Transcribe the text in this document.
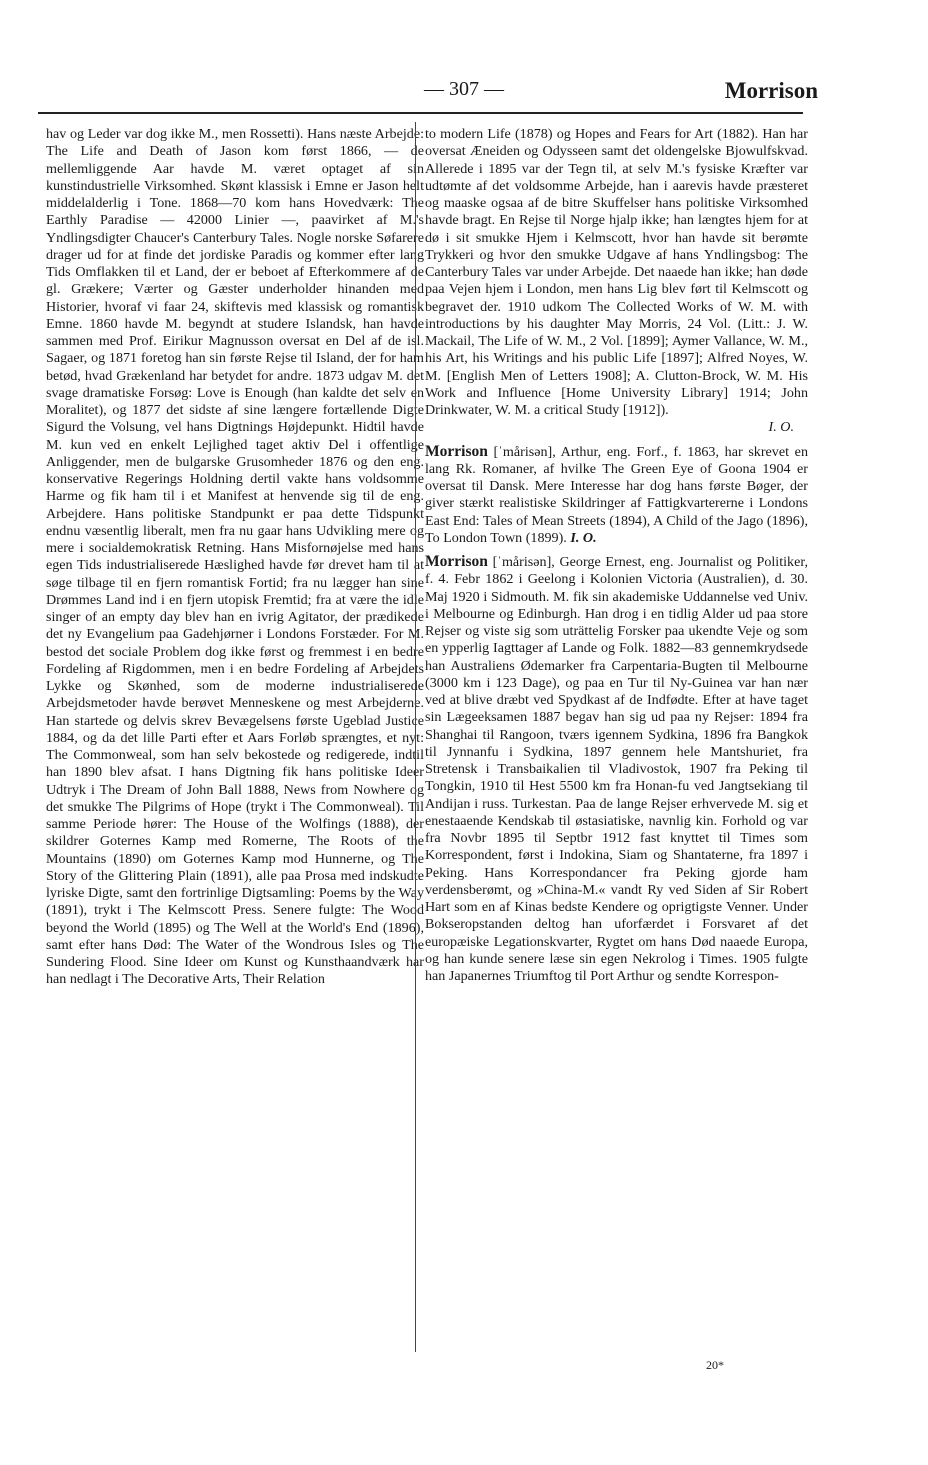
— 307 —	Morrison

hav og Leder var dog ikke M., men Rossetti). Hans næste Arbejde: The Life and Death of Jason kom først 1866, — de mellemliggende Aar havde M. været optaget af sin kunstindustrielle Virksomhed. Skønt klassisk i Emne er Jason helt middelalderlig i Tone. 1868—70 kom hans Hovedværk: The Earthly Paradise — 42000 Linier —, paavirket af M.'s Yndlingsdigter Chaucer's Canterbury Tales. Nogle norske Søfarere drager ud for at finde det jordiske Paradis og kommer efter lang Tids Omflakken til et Land, der er beboet af Efterkommere af de gl. Grækere; Værter og Gæster underholder hinanden med Historier, hvoraf vi faar 24, skiftevis med klassisk og romantisk Emne. 1860 havde M. begyndt at studere Islandsk, han havde sammen med Prof. Eirikur Magnusson oversat en Del af de isl. Sagaer, og 1871 foretog han sin første Rejse til Island, der for ham betød, hvad Grækenland har betydet for andre. 1873 udgav M. det svage dramatiske Forsøg: Love is Enough (han kaldte det selv en Moralitet), og 1877 det sidste af sine længere fortællende Digte Sigurd the Volsung, vel hans Digtnings Højdepunkt. Hidtil havde M. kun ved en enkelt Lejlighed taget aktiv Del i offentlige Anliggender, men de bulgarske Grusomheder 1876 og den eng. konservative Regerings Holdning dertil vakte hans voldsomme Harme og fik ham til i et Manifest at henvende sig til de eng. Arbejdere. Hans politiske Standpunkt er paa dette Tidspunkt endnu væsentlig liberalt, men fra nu gaar hans Udvikling mere og mere i socialdemokratisk Retning. Hans Misfornøjelse med hans egen Tids industrialiserede Hæslighed havde før drevet ham til at søge tilbage til en fjern romantisk Fortid; fra nu lægger han sine Drømmes Land ind i en fjern utopisk Fremtid; fra at være the idle singer of an empty day blev han en ivrig Agitator, der prædikede det ny Evangelium paa Gadehjørner i Londons Forstæder. For M. bestod det sociale Problem dog ikke først og fremmest i en bedre Fordeling af Rigdommen, men i en bedre Fordeling af Arbejdets Lykke og Skønhed, som de moderne industrialiserede Arbejdsmetoder havde berøvet Menneskene og mest Arbejderne. Han startede og delvis skrev Bevægelsens første Ugeblad Justice 1884, og da det lille Parti efter et Aars Forløb sprængtes, et nyt: The Commonweal, som han selv bekostede og redigerede, indtil han 1890 blev afsat. I hans Digtning fik hans politiske Ideer Udtryk i The Dream of John Ball 1888, News from Nowhere og det smukke The Pilgrims of Hope (trykt i The Commonweal). Til samme Periode hører: The House of the Wolfings (1888), der skildrer Goternes Kamp med Romerne, The Roots of the Mountains (1890) om Goternes Kamp mod Hunnerne, og The Story of the Glittering Plain (1891), alle paa Prosa med indskudte lyriske Digte, samt den fortrinlige Digtsamling: Poems by the Way (1891), trykt i The Kelmscott Press. Senere fulgte: The Wood beyond the World (1895) og The Well at the World's End (1896), samt efter hans Død: The Water of the Wondrous Isles og The Sundering Flood. Sine Ideer om Kunst og Kunsthaandværk har han nedlagt i The Decorative Arts, Their Relation

to modern Life (1878) og Hopes and Fears for Art (1882). Han har oversat Æneiden og Odysseen samt det oldengelske Bjowulfskvad. Allerede i 1895 var der Tegn til, at selv M.'s fysiske Kræfter var udtømte af det voldsomme Arbejde, han i aarevis havde præsteret og maaske ogsaa af de bitre Skuffelser hans politiske Virksomhed havde bragt. En Rejse til Norge hjalp ikke; han længtes hjem for at dø i sit smukke Hjem i Kelmscott, hvor han havde sit berømte Trykkeri og hvor den smukke Udgave af hans Yndlingsbog: The Canterbury Tales var under Arbejde. Det naaede han ikke; han døde paa Vejen hjem i London, men hans Lig blev ført til Kelmscott og begravet der. 1910 udkom The Collected Works of W. M. with introductions by his daughter May Morris, 24 Vol. (Litt.: J. W. Mackail, The Life of W. M., 2 Vol. [1899]; Aymer Vallance, W. M., his Art, his Writings and his public Life [1897]; Alfred Noyes, W. M. [English Men of Letters 1908]; A. Clutton-Brock, W. M. His Work and Influence [Home University Library] 1914; John Drinkwater, W. M. a critical Study [1912]).

I. O.

Morrison [ˈmårisən], Arthur, eng. Forf., f. 1863, har skrevet en lang Rk. Romaner, af hvilke The Green Eye of Goona 1904 er oversat til Dansk. Mere Interesse har dog hans første Bøger, der giver stærkt realistiske Skildringer af Fattigkvartererne i Londons East End: Tales of Mean Streets (1894), A Child of the Jago (1896), To London Town (1899). I. O.

Morrison [ˈmårisən], George Ernest, eng. Journalist og Politiker, f. 4. Febr 1862 i Geelong i Kolonien Victoria (Australien), d. 30. Maj 1920 i Sidmouth. M. fik sin akademiske Uddannelse ved Univ. i Melbourne og Edinburgh. Han drog i en tidlig Alder ud paa store Rejser og viste sig som uträttelig Forsker paa ukendte Veje og som en ypperlig Iagttager af Lande og Folk. 1882—83 gennemkrydsede han Australiens Ødemarker fra Carpentaria-Bugten til Melbourne (3000 km i 123 Dage), og paa en Tur til Ny-Guinea var han nær ved at blive dræbt ved Spydkast af de Indfødte. Efter at have taget sin Lægeeksamen 1887 begav han sig ud paa ny Rejser: 1894 fra Shanghai til Rangoon, tværs igennem Sydkina, 1896 fra Bangkok til Jynnanfu i Sydkina, 1897 gennem hele Mantshuriet, fra Stretensk i Transbaikalien til Vladivostok, 1907 fra Peking til Tongkin, 1910 til Hest 5500 km fra Honan-fu ved Jangtsekiang til Andijan i russ. Turkestan. Paa de lange Rejser erhvervede M. sig et enestaaende Kendskab til østasiatiske, navnlig kin. Forhold og var fra Novbr 1895 til Septbr 1912 fast knyttet til Times som Korrespondent, først i Indokina, Siam og Shantaterne, fra 1897 i Peking. Hans Korrespondancer fra Peking gjorde ham verdensberømt, og »China-M.« vandt Ry ved Siden af Sir Robert Hart som en af Kinas bedste Kendere og oprigtigste Venner. Under Bokseropstanden deltog han uforfærdet i Forsvaret af det europæiske Legationskvarter, Rygtet om hans Død naaede Europa, og han kunde senere læse sin egen Nekrolog i Times. 1905 fulgte han Japanernes Triumftog til Port Arthur og sendte Korrespon-

20*
